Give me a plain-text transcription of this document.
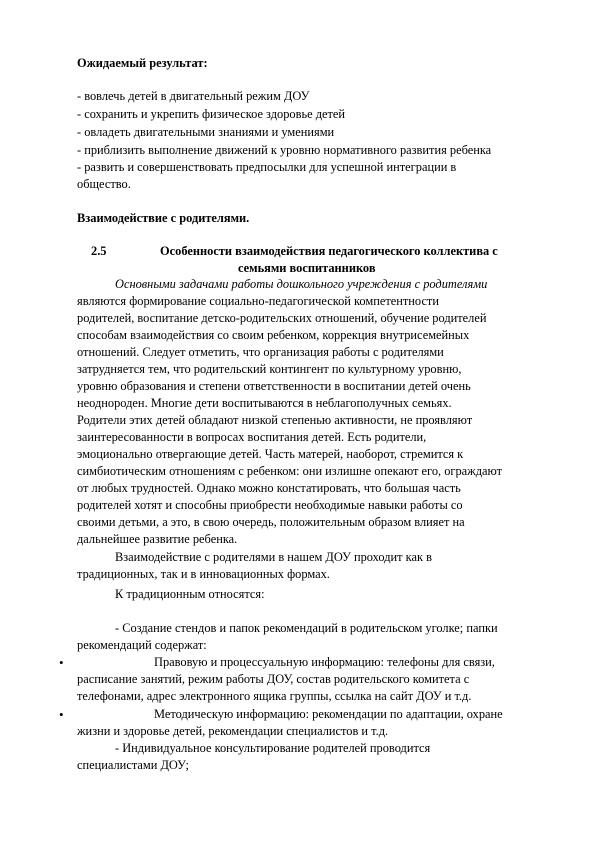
Ожидаемый результат:
- вовлечь детей в двигательный режим ДОУ
- сохранить и укрепить физическое здоровье детей
- овладеть двигательными знаниями и умениями
- приблизить выполнение движений к уровню нормативного развития ребенка
- развить и совершенствовать предпосылки для успешной интеграции в
общество.
Взаимодействие с родителями.
2.5	Особенности взаимодействия педагогического коллектива с
семьями воспитанников
Основными задачами работы дошкольного учреждения с родителями
являются формирование социально-педагогической компетентности
родителей, воспитание детско-родительских отношений, обучение родителей
способам взаимодействия со своим ребенком, коррекция внутрисемейных
отношений. Следует отметить, что организация работы с родителями
затрудняется тем, что родительский контингент по культурному уровню,
уровню образования и степени ответственности в воспитании детей очень
неоднороден. Многие дети воспитываются в неблагополучных семьях.
Родители этих детей обладают низкой степенью активности, не проявляют
заинтересованности в вопросах воспитания детей. Есть родители,
эмоционально отвергающие детей. Часть матерей, наоборот, стремится к
симбиотическим отношениям с ребенком: они излишне опекают его, ограждают
от любых трудностей. Однако можно констатировать, что большая часть
родителей хотят и способны приобрести необходимые навыки работы со
своими детьми, а это, в свою очередь, положительным образом влияет на
дальнейшее развитие ребенка.
Взаимодействие с родителями в нашем ДОУ проходит как в
традиционных, так и в инновационных формах.
К традиционным относятся:
- Создание стендов и папок рекомендаций в родительском уголке; папки
рекомендаций содержат:
•	Правовую и процессуальную информацию: телефоны для связи,
расписание занятий, режим работы ДОУ, состав родительского комитета с
телефонами, адрес электронного ящика группы, ссылка на сайт ДОУ и т.д.
•	Методическую информацию: рекомендации по адаптации, охране
жизни и здоровье детей, рекомендации специалистов и т.д.
- Индивидуальное консультирование родителей проводится
специалистами ДОУ;
